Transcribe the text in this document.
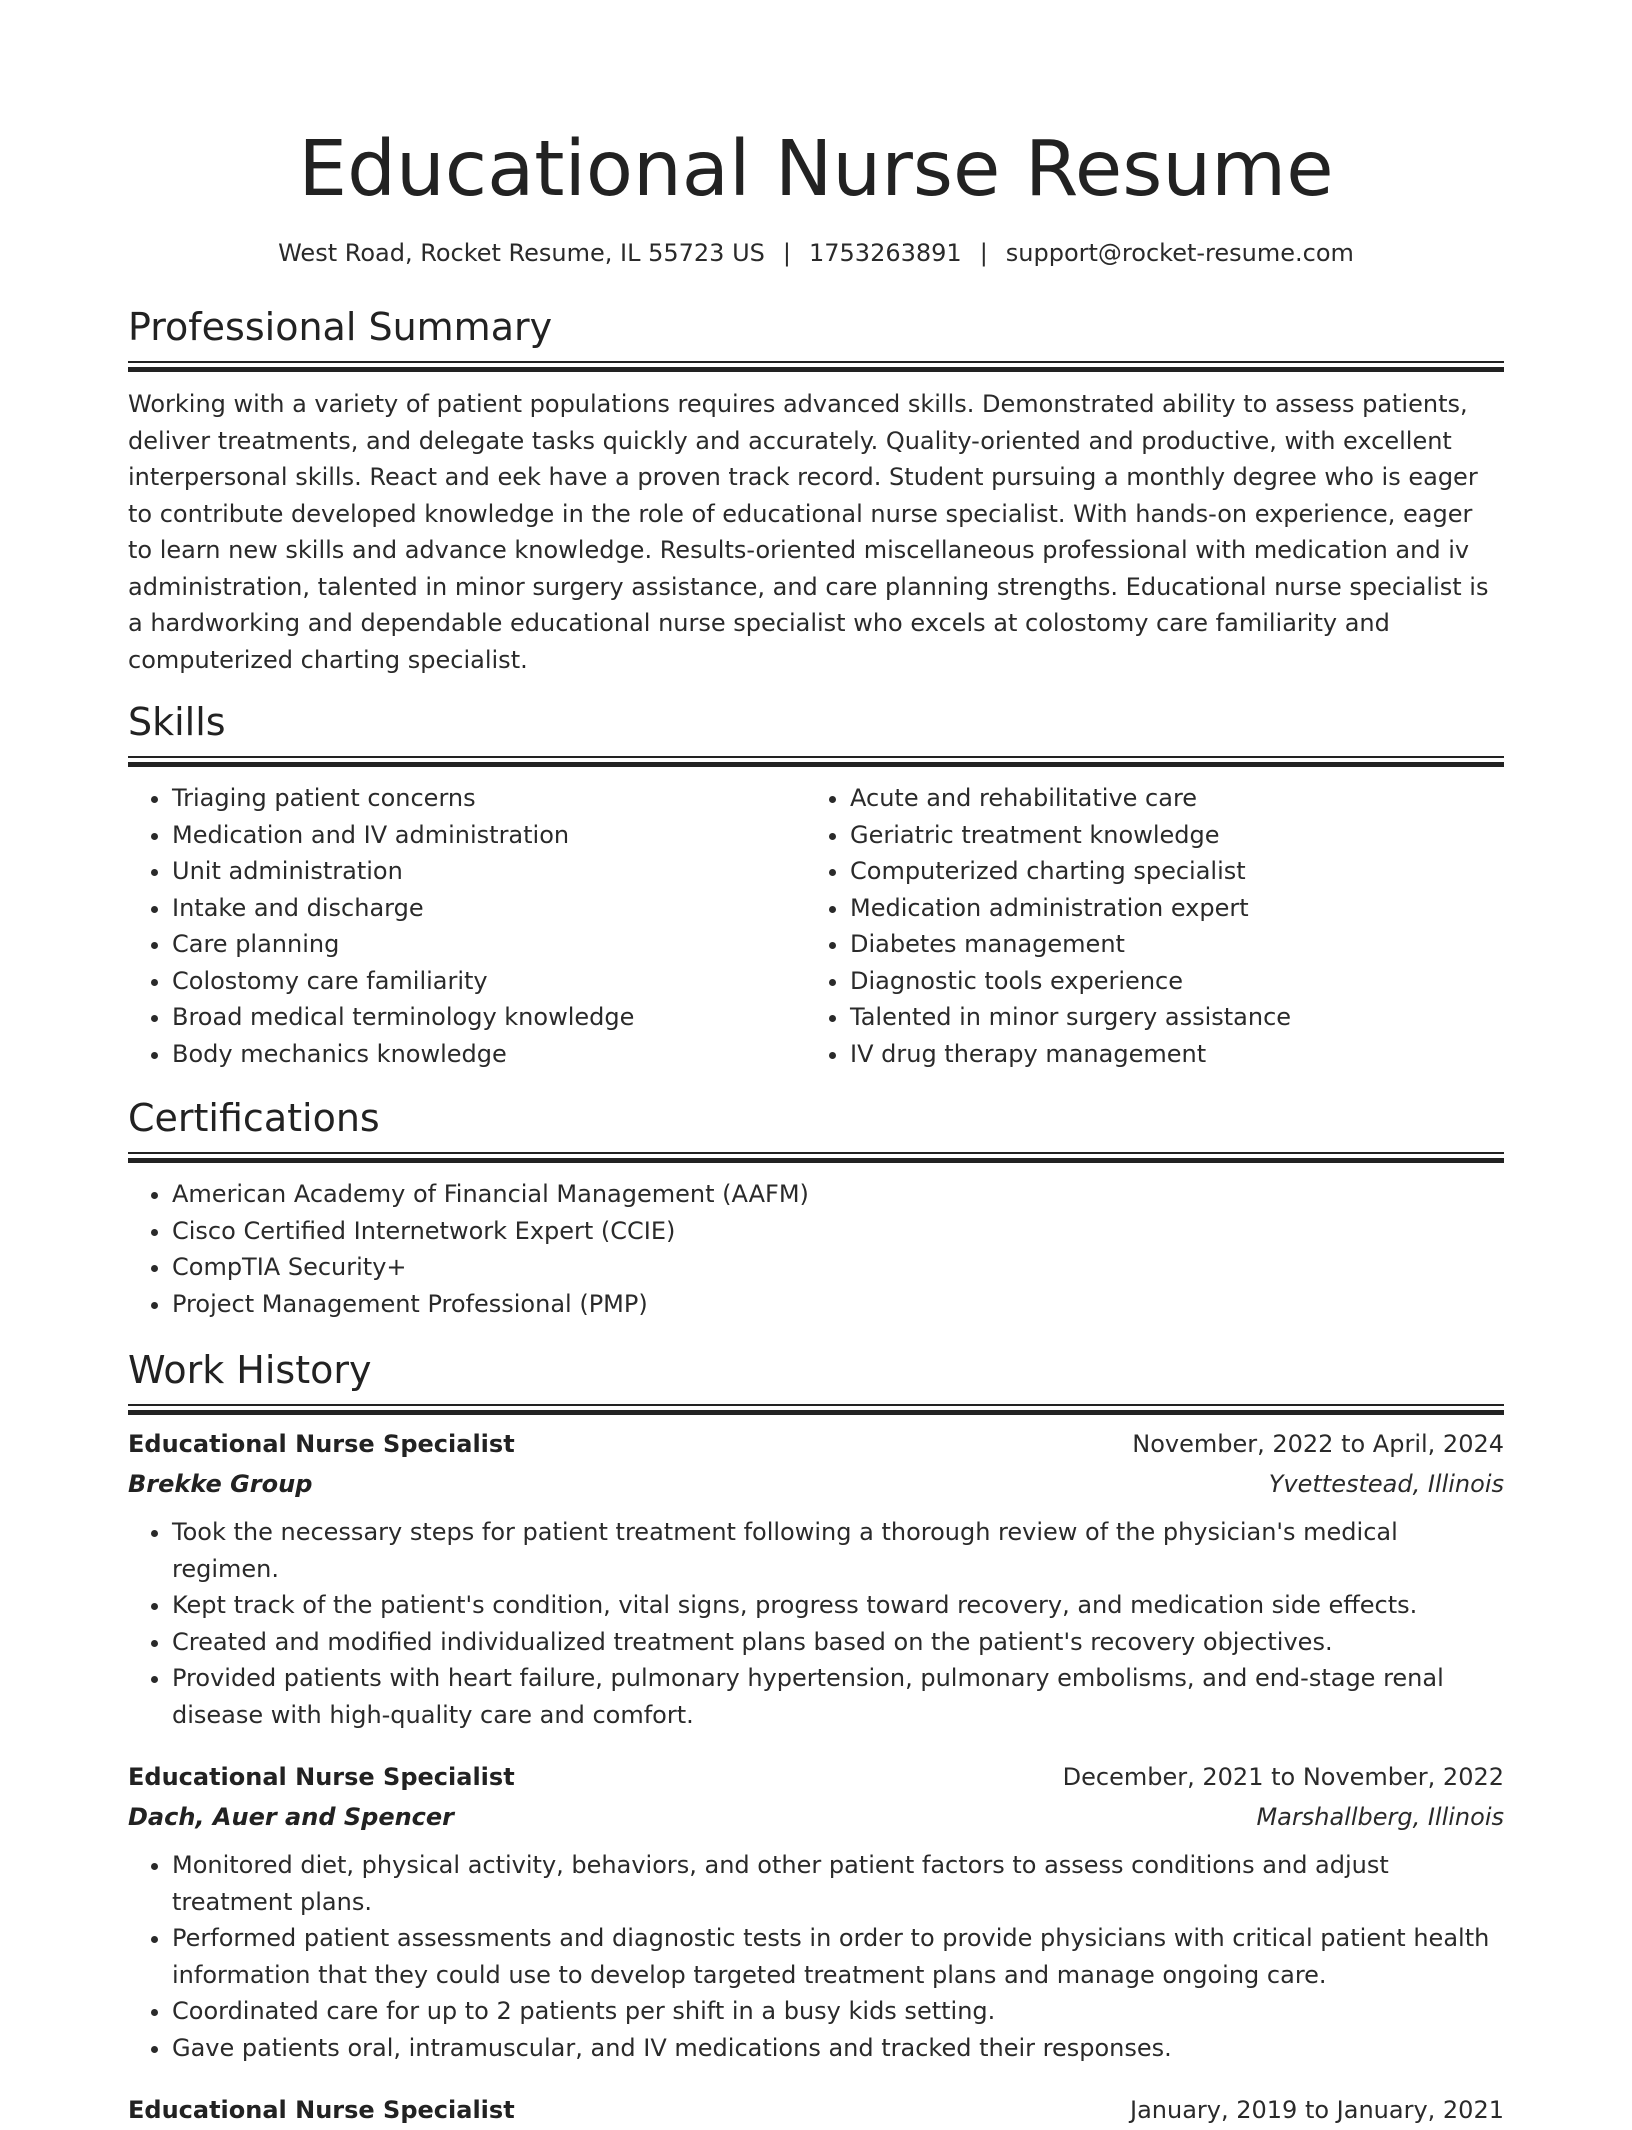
Educational Nurse Resume
West Road, Rocket Resume, IL 55723 US | 1753263891 | support@rocket-resume.com
Professional Summary
Working with a variety of patient populations requires advanced skills. Demonstrated ability to assess patients, deliver treatments, and delegate tasks quickly and accurately. Quality-oriented and productive, with excellent interpersonal skills. React and eek have a proven track record. Student pursuing a monthly degree who is eager to contribute developed knowledge in the role of educational nurse specialist. With hands-on experience, eager to learn new skills and advance knowledge. Results-oriented miscellaneous professional with medication and iv administration, talented in minor surgery assistance, and care planning strengths. Educational nurse specialist is a hardworking and dependable educational nurse specialist who excels at colostomy care familiarity and computerized charting specialist.
Skills
• Triaging patient concerns
• Medication and IV administration
• Unit administration
• Intake and discharge
• Care planning
• Colostomy care familiarity
• Broad medical terminology knowledge
• Body mechanics knowledge
• Acute and rehabilitative care
• Geriatric treatment knowledge
• Computerized charting specialist
• Medication administration expert
• Diabetes management
• Diagnostic tools experience
• Talented in minor surgery assistance
• IV drug therapy management
Certifications
• American Academy of Financial Management (AAFM)
• Cisco Certified Internetwork Expert (CCIE)
• CompTIA Security+
• Project Management Professional (PMP)
Work History
Educational Nurse Specialist	November, 2022 to April, 2024
Brekke Group	Yvettestead, Illinois
• Took the necessary steps for patient treatment following a thorough review of the physician's medical regimen.
• Kept track of the patient's condition, vital signs, progress toward recovery, and medication side effects.
• Created and modified individualized treatment plans based on the patient's recovery objectives.
• Provided patients with heart failure, pulmonary hypertension, pulmonary embolisms, and end-stage renal disease with high-quality care and comfort.
Educational Nurse Specialist	December, 2021 to November, 2022
Dach, Auer and Spencer	Marshallberg, Illinois
• Monitored diet, physical activity, behaviors, and other patient factors to assess conditions and adjust treatment plans.
• Performed patient assessments and diagnostic tests in order to provide physicians with critical patient health information that they could use to develop targeted treatment plans and manage ongoing care.
• Coordinated care for up to 2 patients per shift in a busy kids setting.
• Gave patients oral, intramuscular, and IV medications and tracked their responses.
Educational Nurse Specialist	January, 2019 to January, 2021
